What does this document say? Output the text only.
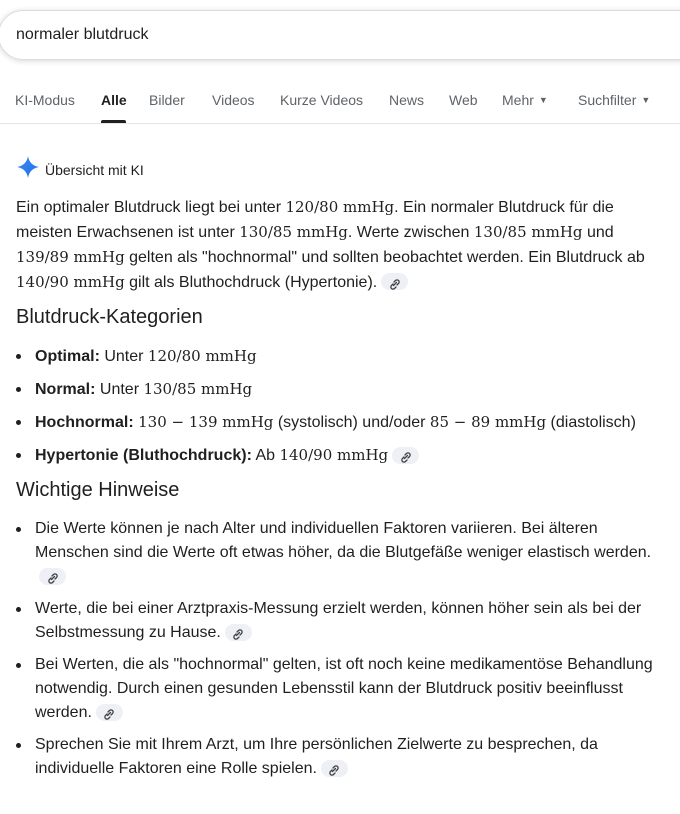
normaler blutdruck
KI-Modus Alle Bilder Videos Kurze Videos News Web Mehr ▼ Suchfilter ▼
Übersicht mit KI

Ein optimaler Blutdruck liegt bei unter 120/80 mmHg. Ein normaler Blutdruck für die meisten Erwachsenen ist unter 130/85 mmHg. Werte zwischen 130/85 mmHg und 139/89 mmHg gelten als "hochnormal" und sollten beobachtet werden. Ein Blutdruck ab 140/90 mmHg gilt als Bluthochdruck (Hypertonie).

Blutdruck-Kategorien
Optimal: Unter 120/80 mmHg
Normal: Unter 130/85 mmHg
Hochnormal: 130 − 139 mmHg (systolisch) und/oder 85 − 89 mmHg (diastolisch)
Hypertonie (Bluthochdruck): Ab 140/90 mmHg
Wichtige Hinweise
Die Werte können je nach Alter und individuellen Faktoren variieren. Bei älteren Menschen sind die Werte oft etwas höher, da die Blutgefäße weniger elastisch werden.
Werte, die bei einer Arztpraxis-Messung erzielt werden, können höher sein als bei der Selbstmessung zu Hause.
Bei Werten, die als "hochnormal" gelten, ist oft noch keine medikamentöse Behandlung notwendig. Durch einen gesunden Lebensstil kann der Blutdruck positiv beeinflusst werden.
Sprechen Sie mit Ihrem Arzt, um Ihre persönlichen Zielwerte zu besprechen, da individuelle Faktoren eine Rolle spielen.
